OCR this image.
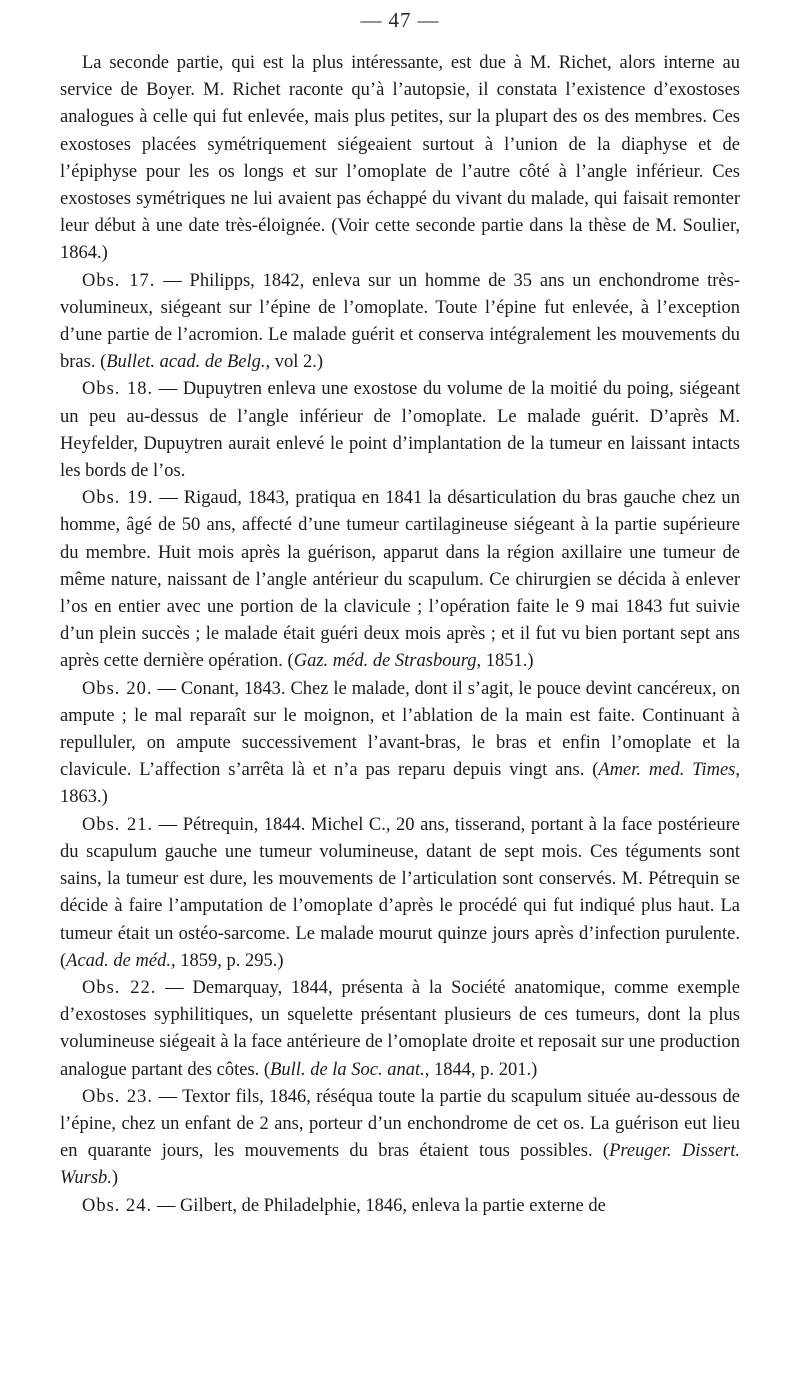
— 47 —

La seconde partie, qui est la plus intéressante, est due à M. Richet, alors interne au service de Boyer. M. Richet raconte qu’à l’autopsie, il constata l’existence d’exostoses analogues à celle qui fut enlevée, mais plus petites, sur la plupart des os des membres. Ces exostoses placées symétriquement siégeaient surtout à l’union de la diaphyse et de l’épiphyse pour les os longs et sur l’omoplate de l’autre côté à l’angle inférieur. Ces exostoses symétriques ne lui avaient pas échappé du vivant du malade, qui faisait remonter leur début à une date très-éloignée. (Voir cette seconde partie dans la thèse de M. Soulier, 1864.)

Obs. 17. — Philipps, 1842, enleva sur un homme de 35 ans un enchondrome très-volumineux, siégeant sur l’épine de l’omoplate. Toute l’épine fut enlevée, à l’exception d’une partie de l’acromion. Le malade guérit et conserva intégralement les mouvements du bras. (Bullet. acad. de Belg., vol 2.)

Obs. 18. — Dupuytren enleva une exostose du volume de la moitié du poing, siégeant un peu au-dessus de l’angle inférieur de l’omoplate. Le malade guérit. D’après M. Heyfelder, Dupuytren aurait enlevé le point d’implantation de la tumeur en laissant intacts les bords de l’os.

Obs. 19. — Rigaud, 1843, pratiqua en 1841 la désarticulation du bras gauche chez un homme, âgé de 50 ans, affecté d’une tumeur cartilagineuse siégeant à la partie supérieure du membre. Huit mois après la guérison, apparut dans la région axillaire une tumeur de même nature, naissant de l’angle antérieur du scapulum. Ce chirurgien se décida à enlever l’os en entier avec une portion de la clavicule ; l’opération faite le 9 mai 1843 fut suivie d’un plein succès ; le malade était guéri deux mois après ; et il fut vu bien portant sept ans après cette dernière opération. (Gaz. méd. de Strasbourg, 1851.)

Obs. 20. — Conant, 1843. Chez le malade, dont il s’agit, le pouce devint cancéreux, on ampute ; le mal reparaît sur le moignon, et l’ablation de la main est faite. Continuant à repulluler, on ampute successivement l’avant-bras, le bras et enfin l’omoplate et la clavicule. L’affection s’arrêta là et n’a pas reparu depuis vingt ans. (Amer. med. Times, 1863.)

Obs. 21. — Pétrequin, 1844. Michel C., 20 ans, tisserand, portant à la face postérieure du scapulum gauche une tumeur volumineuse, datant de sept mois. Ces téguments sont sains, la tumeur est dure, les mouvements de l’articulation sont conservés. M. Pétrequin se décide à faire l’amputation de l’omoplate d’après le procédé qui fut indiqué plus haut. La tumeur était un ostéo-sarcome. Le malade mourut quinze jours après d’infection purulente. (Acad. de méd., 1859, p. 295.)

Obs. 22. — Demarquay, 1844, présenta à la Société anatomique, comme exemple d’exostoses syphilitiques, un squelette présentant plusieurs de ces tumeurs, dont la plus volumineuse siégeait à la face antérieure de l’omoplate droite et reposait sur une production analogue partant des côtes. (Bull. de la Soc. anat., 1844, p. 201.)

Obs. 23. — Textor fils, 1846, réséqua toute la partie du scapulum située au-dessous de l’épine, chez un enfant de 2 ans, porteur d’un enchondrome de cet os. La guérison eut lieu en quarante jours, les mouvements du bras étaient tous possibles. (Preuger. Dissert. Wursb.)

Obs. 24. — Gilbert, de Philadelphie, 1846, enleva la partie externe de
